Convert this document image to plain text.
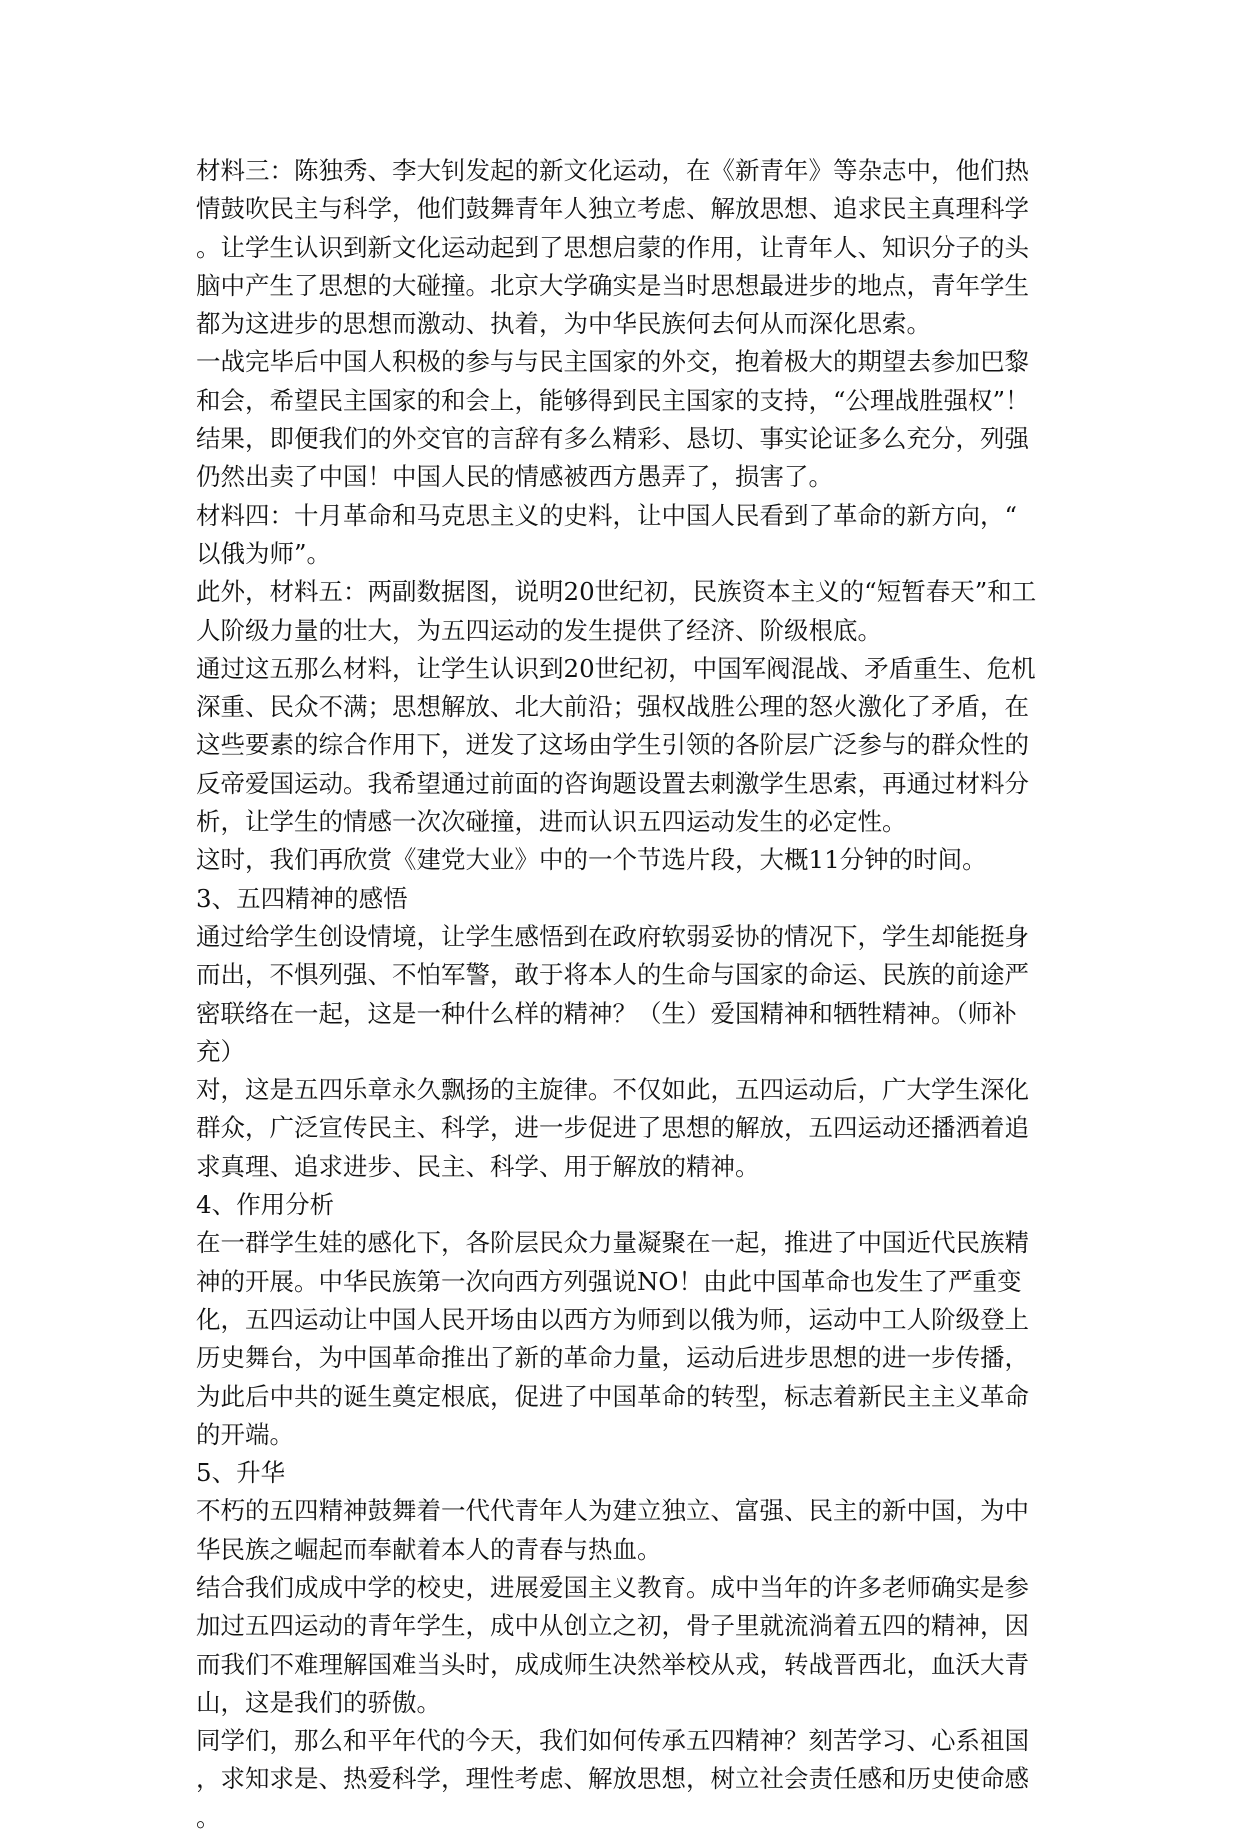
材料三：陈独秀、李大钊发起的新文化运动，在《新青年》等杂志中，他们热
情鼓吹民主与科学，他们鼓舞青年人独立考虑、解放思想、追求民主真理科学
。让学生认识到新文化运动起到了思想启蒙的作用，让青年人、知识分子的头
脑中产生了思想的大碰撞。北京大学确实是当时思想最进步的地点，青年学生
都为这进步的思想而激动、执着，为中华民族何去何从而深化思索。
一战完毕后中国人积极的参与与民主国家的外交，抱着极大的期望去参加巴黎
和会，希望民主国家的和会上，能够得到民主国家的支持，“公理战胜强权”！
结果，即便我们的外交官的言辞有多么精彩、恳切、事实论证多么充分，列强
仍然出卖了中国！中国人民的情感被西方愚弄了，损害了。
材料四：十月革命和马克思主义的史料，让中国人民看到了革命的新方向，“
以俄为师”。
此外，材料五：两副数据图，说明20世纪初，民族资本主义的“短暂春天”和工
人阶级力量的壮大，为五四运动的发生提供了经济、阶级根底。
通过这五那么材料，让学生认识到20世纪初，中国军阀混战、矛盾重生、危机
深重、民众不满；思想解放、北大前沿；强权战胜公理的怒火激化了矛盾，在
这些要素的综合作用下，迸发了这场由学生引领的各阶层广泛参与的群众性的
反帝爱国运动。我希望通过前面的咨询题设置去刺激学生思索，再通过材料分
析，让学生的情感一次次碰撞，进而认识五四运动发生的必定性。
这时，我们再欣赏《建党大业》中的一个节选片段，大概11分钟的时间。
3、五四精神的感悟
通过给学生创设情境，让学生感悟到在政府软弱妥协的情况下，学生却能挺身
而出，不惧列强、不怕军警，敢于将本人的生命与国家的命运、民族的前途严
密联络在一起，这是一种什么样的精神？（生）爱国精神和牺牲精神。（师补
充）
对，这是五四乐章永久飘扬的主旋律。不仅如此，五四运动后，广大学生深化
群众，广泛宣传民主、科学，进一步促进了思想的解放，五四运动还播洒着追
求真理、追求进步、民主、科学、用于解放的精神。
4、作用分析
在一群学生娃的感化下，各阶层民众力量凝聚在一起，推进了中国近代民族精
神的开展。中华民族第一次向西方列强说NO！由此中国革命也发生了严重变
化，五四运动让中国人民开场由以西方为师到以俄为师，运动中工人阶级登上
历史舞台，为中国革命推出了新的革命力量，运动后进步思想的进一步传播，
为此后中共的诞生奠定根底，促进了中国革命的转型，标志着新民主主义革命
的开端。
5、升华
不朽的五四精神鼓舞着一代代青年人为建立独立、富强、民主的新中国，为中
华民族之崛起而奉献着本人的青春与热血。
结合我们成成中学的校史，进展爱国主义教育。成中当年的许多老师确实是参
加过五四运动的青年学生，成中从创立之初，骨子里就流淌着五四的精神，因
而我们不难理解国难当头时，成成师生决然举校从戎，转战晋西北，血沃大青
山，这是我们的骄傲。
同学们，那么和平年代的今天，我们如何传承五四精神？刻苦学习、心系祖国
，求知求是、热爱科学，理性考虑、解放思想，树立社会责任感和历史使命感
。
